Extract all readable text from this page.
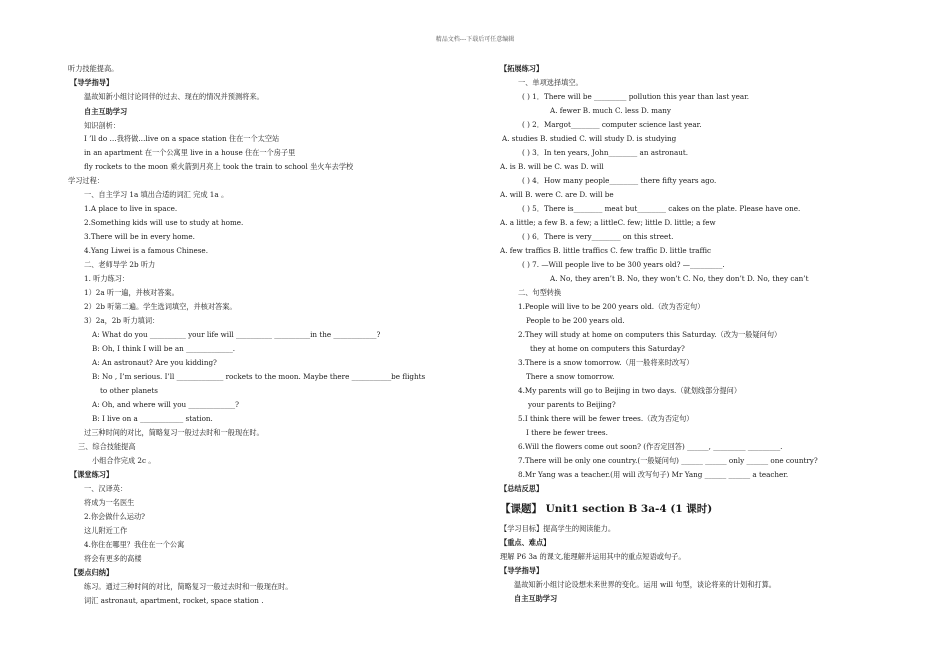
精品文档---下载后可任意编辑
听力技能提高。
【导学指导】
温故知新小组讨论同伴的过去、现在的情况并预测将来。
自主互助学习
知识剖析：
I ’ll do …我将做…live on a space station 住在一个太空站
in an apartment 在一个公寓里 live in a house 住在一个房子里
fly rockets to the moon 乘火箭到月亮上 took the train to school 坐火车去学校
学习过程：
一、自主学习 1a 填出合适的词汇 完成 1a 。
1.A place to live in space.
2.Something kids will use to study at home.
3.There will be in every home.
4.Yang Liwei is a famous Chinese.
二、老师导学 2b 听力
1. 听力练习：
1）2a 听一遍，并核对答案。
2）2b 听第二遍。学生选词填空，并核对答案。
3）2a，2b 听力填词：
A: What do you __________ your life will __________ __________in the ____________?
B: Oh, I think I will be an _____________.
A: An astronaut? Are you kidding?
B: No , I’m serious. I’ll _____________ rockets to the moon. Maybe there ___________be flights
to other planets
A: Oh, and where will you _____________?
B: I live on a ____________ station.
过三种时间的对比，简略复习一般过去时和一般现在时。
三、综合技能提高
小组合作完成 2c 。
【课堂练习】
一、汉译英：
将成为一名医生
2.你会做什么运动?
这儿附近工作
4.你住在哪里？我住在一个公寓
将会有更多的高楼
【要点归纳】
练习。通过三种时间的对比，简略复习一般过去时和一般现在时。
词汇 astronaut, apartment, rocket, space station .
【拓展练习】
一、单项选择填空。
( ) 1．There will be _________ pollution this year than last year.
A. fewer B. much C. less D. many
( ) 2．Margot________ computer science last year.
A. studies B. studied C. will study D. is studying
( ) 3．In ten years, John________ an astronaut.
A. is B. will be C. was D. will
( ) 4．How many people________ there fifty years ago.
A. will B. were C. are D. will be
( ) 5．There is________ meat but________ cakes on the plate. Please have one.
A. a little; a few B. a few; a littleC. few; little D. little; a few
( ) 6．There is very________ on this street.
A. few traffics B. little traffics C. few traffic D. little traffic
( ) 7. —Will people live to be 300 years old? —_________.
A. No, they aren’t B. No, they won’t C. No, they don’t D. No, they can’t
二、句型转换
1.People will live to be 200 years old.（改为否定句）
People to be 200 years old.
2.They will study at home on computers this Saturday.（改为一般疑问句）
they at home on computers this Saturday?
3.There is a snow tomorrow.（用一般将来时改写）
There a snow tomorrow.
4.My parents will go to Beijing in two days.（就划线部分提问）
your parents to Beijing?
5.I think there will be fewer trees.（改为否定句）
I there be fewer trees.
6.Will the flowers come out soon? (作否定回答) ______, _________ _________.
7.There will be only one country.(一般疑问句) ______ ______ only ______ one country?
8.Mr Yang was a teacher.(用 will 改写句子) Mr Yang ______ ______ a teacher.
【总结反思】
【课题】 Unit1 section B 3a-4 (1 课时)
【学习目标】提高学生的阅读能力。
【重点、难点】
理解 P6 3a 的课文,能理解并运用其中的重点短语或句子。
【导学指导】
温故知新小组讨论设想未来世界的变化。运用 will 句型，谈论将来的计划和打算。
自主互助学习
